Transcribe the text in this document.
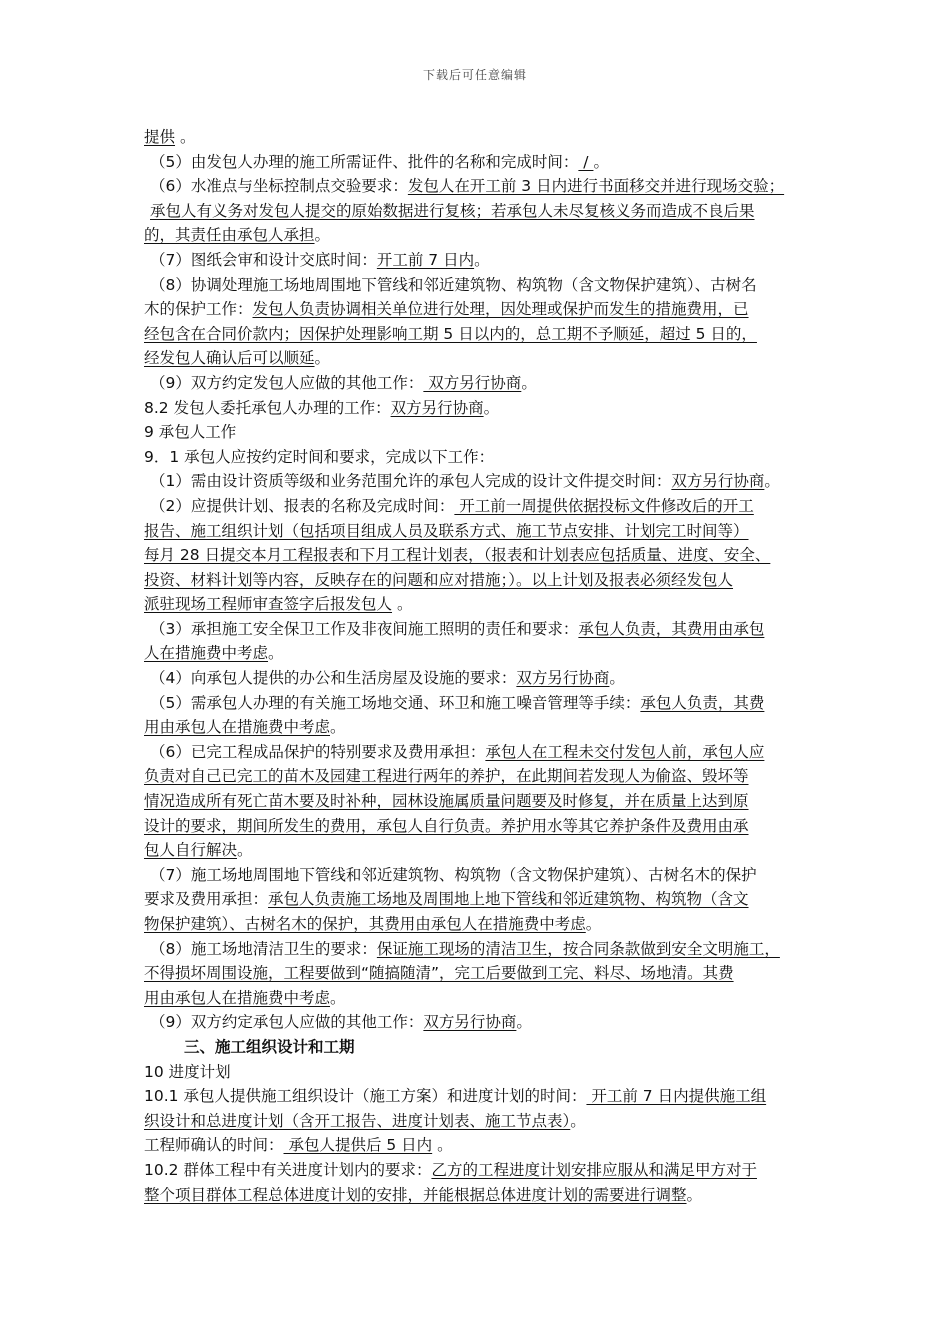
下载后可任意编辑
提供 。
（5）由发包人办理的施工所需证件、批件的名称和完成时间： / 。
（6）水准点与坐标控制点交验要求：发包人在开工前 3 日内进行书面移交并进行现场交验；
承包人有义务对发包人提交的原始数据进行复核；若承包人未尽复核义务而造成不良后果
的，其责任由承包人承担。
（7）图纸会审和设计交底时间：开工前 7 日内。
（8）协调处理施工场地周围地下管线和邻近建筑物、构筑物（含文物保护建筑）、古树名
木的保护工作：发包人负责协调相关单位进行处理，因处理或保护而发生的措施费用，已
经包含在合同价款内；因保护处理影响工期 5 日以内的，总工期不予顺延，超过 5 日的，
经发包人确认后可以顺延。
（9）双方约定发包人应做的其他工作： 双方另行协商。
8.2 发包人委托承包人办理的工作：双方另行协商。
9 承包人工作
9．1 承包人应按约定时间和要求，完成以下工作：
（1）需由设计资质等级和业务范围允许的承包人完成的设计文件提交时间：双方另行协商。
（2）应提供计划、报表的名称及完成时间： 开工前一周提供依据投标文件修改后的开工
报告、施工组织计划（包括项目组成人员及联系方式、施工节点安排、计划完工时间等）
每月 28 日提交本月工程报表和下月工程计划表，（报表和计划表应包括质量、进度、安全、
投资、材料计划等内容，反映存在的问题和应对措施；）。以上计划及报表必须经发包人
派驻现场工程师审查签字后报发包人 。
（3）承担施工安全保卫工作及非夜间施工照明的责任和要求：承包人负责，其费用由承包
人在措施费中考虑。
（4）向承包人提供的办公和生活房屋及设施的要求：双方另行协商。
（5）需承包人办理的有关施工场地交通、环卫和施工噪音管理等手续：承包人负责，其费
用由承包人在措施费中考虑。
（6）已完工程成品保护的特别要求及费用承担：承包人在工程未交付发包人前，承包人应
负责对自己已完工的苗木及园建工程进行两年的养护，在此期间若发现人为偷盗、毁坏等
情况造成所有死亡苗木要及时补种，园林设施属质量问题要及时修复，并在质量上达到原
设计的要求，期间所发生的费用，承包人自行负责。养护用水等其它养护条件及费用由承
包人自行解决。
（7）施工场地周围地下管线和邻近建筑物、构筑物（含文物保护建筑）、古树名木的保护
要求及费用承担：承包人负责施工场地及周围地上地下管线和邻近建筑物、构筑物（含文
物保护建筑）、古树名木的保护，其费用由承包人在措施费中考虑。
（8）施工场地清洁卫生的要求：保证施工现场的清洁卫生，按合同条款做到安全文明施工，
不得损坏周围设施，工程要做到“随搞随清”，完工后要做到工完、料尽、场地清。其费
用由承包人在措施费中考虑。
（9）双方约定承包人应做的其他工作：双方另行协商。
三、施工组织设计和工期
10 进度计划
10.1 承包人提供施工组织设计（施工方案）和进度计划的时间： 开工前 7 日内提供施工组
织设计和总进度计划（含开工报告、进度计划表、施工节点表）。
工程师确认的时间： 承包人提供后 5 日内 。
10.2 群体工程中有关进度计划内的要求：乙方的工程进度计划安排应服从和满足甲方对于
整个项目群体工程总体进度计划的安排，并能根据总体进度计划的需要进行调整。
